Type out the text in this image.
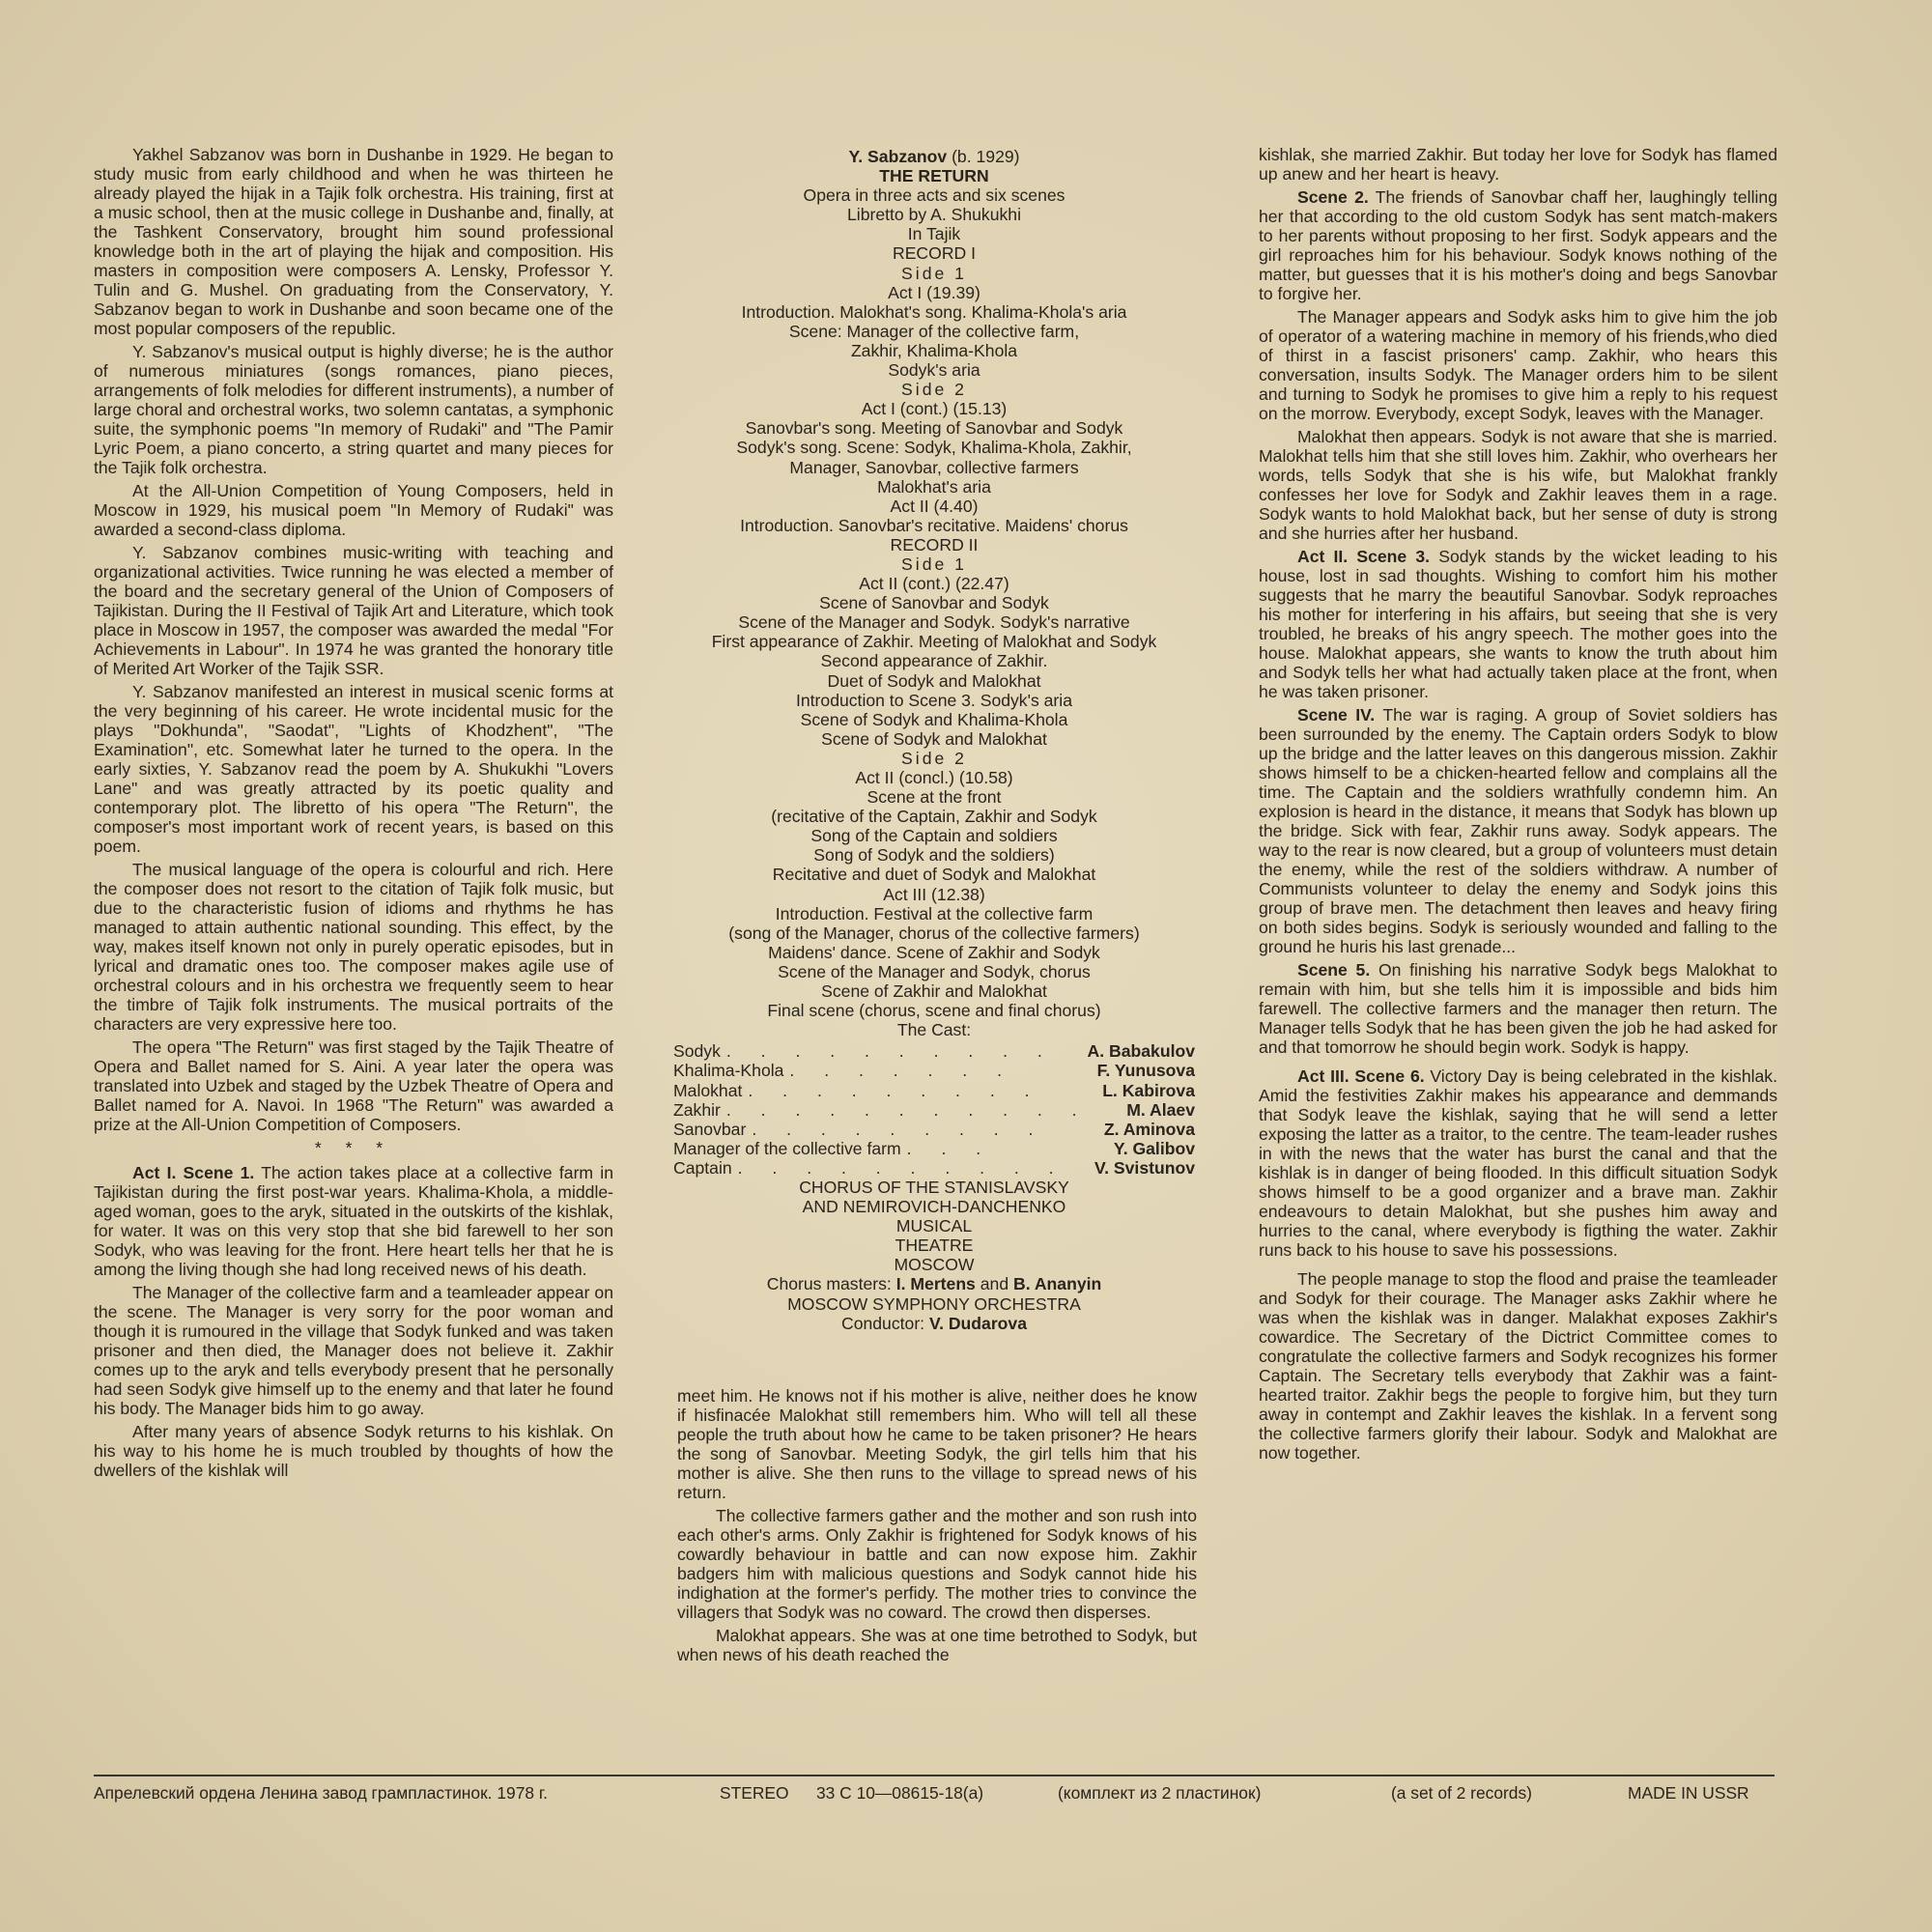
Yakhel Sabzanov was born in Dushanbe in 1929. He began to study music from early childhood and when he was thirteen he already played the hijak in a Tajik folk orchestra. His training, first at a music school, then at the music college in Dushanbe and, finally, at the Tashkent Conservatory, brought him sound professional knowledge both in the art of playing the hijak and composition. His masters in composition were composers A. Lensky, Professor Y. Tulin and G. Mushel. On graduating from the Conservatory, Y. Sabzanov began to work in Dushanbe and soon became one of the most popular composers of the republic.

Y. Sabzanov's musical output is highly diverse; he is the author of numerous miniatures (songs romances, piano pieces, arrangements of folk melodies for different instruments), a number of large choral and orchestral works, two solemn cantatas, a symphonic suite, the symphonic poems "In memory of Rudaki" and "The Pamir Lyric Poem, a piano concerto, a string quartet and many pieces for the Tajik folk orchestra.

At the All-Union Competition of Young Composers, held in Moscow in 1929, his musical poem "In Memory of Rudaki" was awarded a second-class diploma.

Y. Sabzanov combines music-writing with teaching and organizational activities. Twice running he was elected a member of the board and the secretary general of the Union of Composers of Tajikistan. During the II Festival of Tajik Art and Literature, which took place in Moscow in 1957, the composer was awarded the medal "For Achievements in Labour". In 1974 he was granted the honorary title of Merited Art Worker of the Tajik SSR.

Y. Sabzanov manifested an interest in musical scenic forms at the very beginning of his career. He wrote incidental music for the plays "Dokhunda", "Saodat", "Lights of Khodzhent", "The Examination", etc. Somewhat later he turned to the opera. In the early sixties, Y. Sabzanov read the poem by A. Shukukhi "Lovers Lane" and was greatly attracted by its poetic quality and contemporary plot. The libretto of his opera "The Return", the composer's most important work of recent years, is based on this poem.

The musical language of the opera is colourful and rich. Here the composer does not resort to the citation of Tajik folk music, but due to the characteristic fusion of idioms and rhythms he has managed to attain authentic national sounding. This effect, by the way, makes itself known not only in purely operatic episodes, but in lyrical and dramatic ones too. The composer makes agile use of orchestral colours and in his orchestra we frequently seem to hear the timbre of Tajik folk instruments. The musical portraits of the characters are very expressive here too.

The opera "The Return" was first staged by the Tajik Theatre of Opera and Ballet named for S. Aini. A year later the opera was translated into Uzbek and staged by the Uzbek Theatre of Opera and Ballet named for A. Navoi. In 1968 "The Return" was awarded a prize at the All-Union Competition of Composers.

* * *

Act I. Scene 1. The action takes place at a collective farm in Tajikistan during the first post-war years. Khalima-Khola, a middle-aged woman, goes to the aryk, situated in the outskirts of the kishlak, for water. It was on this very stop that she bid farewell to her son Sodyk, who was leaving for the front. Here heart tells her that he is among the living though she had long received news of his death.

The Manager of the collective farm and a teamleader appear on the scene. The Manager is very sorry for the poor woman and though it is rumoured in the village that Sodyk funked and was taken prisoner and then died, the Manager does not believe it. Zakhir comes up to the aryk and tells everybody present that he personally had seen Sodyk give himself up to the enemy and that later he found his body. The Manager bids him to go away.

After many years of absence Sodyk returns to his kishlak. On his way to his home he is much troubled by thoughts of how the dwellers of the kishlak will

Y. Sabzanov (b. 1929)
THE RETURN
Opera in three acts and six scenes
Libretto by A. Shukukhi
In Tajik
RECORD I
Side 1
Act I (19.39)
Introduction. Malokhat's song. Khalima-Khola's aria
Scene: Manager of the collective farm,
Zakhir, Khalima-Khola
Sodyk's aria
Side 2
Act I (cont.) (15.13)
Sanovbar's song. Meeting of Sanovbar and Sodyk
Sodyk's song. Scene: Sodyk, Khalima-Khola, Zakhir,
Manager, Sanovbar, collective farmers
Malokhat's aria
Act II (4.40)
Introduction. Sanovbar's recitative. Maidens' chorus
RECORD II
Side 1
Act II (cont.) (22.47)
Scene of Sanovbar and Sodyk
Scene of the Manager and Sodyk. Sodyk's narrative
First appearance of Zakhir. Meeting of Malokhat and Sodyk
Second appearance of Zakhir.
Duet of Sodyk and Malokhat
Introduction to Scene 3. Sodyk's aria
Scene of Sodyk and Khalima-Khola
Scene of Sodyk and Malokhat
Side 2
Act II (concl.) (10.58)
Scene at the front
(recitative of the Captain, Zakhir and Sodyk
Song of the Captain and soldiers
Song of Sodyk and the soldiers)
Recitative and duet of Sodyk and Malokhat
Act III (12.38)
Introduction. Festival at the collective farm
(song of the Manager, chorus of the collective farmers)
Maidens' dance. Scene of Zakhir and Sodyk
Scene of the Manager and Sodyk, chorus
Scene of Zakhir and Malokhat
Final scene (chorus, scene and final chorus)
The Cast:
Sodyk . . . . . . . . . .	A. Babakulov
Khalima-Khola . . . . . . .	F. Yunusova
Malokhat . . . . . . . . .	L. Kabirova
Zakhir . . . . . . . . . . .	M. Alaev
Sanovbar . . . . . . . . .	Z. Aminova
Manager of the collective farm . . .	Y. Galibov
Captain . . . . . . . . . .	V. Svistunov
CHORUS OF THE STANISLAVSKY
AND NEMIROVICH-DANCHENKO
MUSICAL
THEATRE
MOSCOW
Chorus masters: I. Mertens and B. Ananyin
MOSCOW SYMPHONY ORCHESTRA
Conductor: V. Dudarova

meet him. He knows not if his mother is alive, neither does he know if hisfinacée Malokhat still remembers him. Who will tell all these people the truth about how he came to be taken prisoner? He hears the song of Sanovbar. Meeting Sodyk, the girl tells him that his mother is alive. She then runs to the village to spread news of his return.

The collective farmers gather and the mother and son rush into each other's arms. Only Zakhir is frightened for Sodyk knows of his cowardly behaviour in battle and can now expose him. Zakhir badgers him with malicious questions and Sodyk cannot hide his indighation at the former's perfidy. The mother tries to convince the villagers that Sodyk was no coward. The crowd then disperses.

Malokhat appears. She was at one time betrothed to Sodyk, but when news of his death reached the

kishlak, she married Zakhir. But today her love for Sodyk has flamed up anew and her heart is heavy.

Scene 2. The friends of Sanovbar chaff her, laughingly telling her that according to the old custom Sodyk has sent match-makers to her parents without proposing to her first. Sodyk appears and the girl reproaches him for his behaviour. Sodyk knows nothing of the matter, but guesses that it is his mother's doing and begs Sanovbar to forgive her.

The Manager appears and Sodyk asks him to give him the job of operator of a watering machine in memory of his friends,who died of thirst in a fascist prisoners' camp. Zakhir, who hears this conversation, insults Sodyk. The Manager orders him to be silent and turning to Sodyk he promises to give him a reply to his request on the morrow. Everybody, except Sodyk, leaves with the Manager.

Malokhat then appears. Sodyk is not aware that she is married. Malokhat tells him that she still loves him. Zakhir, who overhears her words, tells Sodyk that she is his wife, but Malokhat frankly confesses her love for Sodyk and Zakhir leaves them in a rage. Sodyk wants to hold Malokhat back, but her sense of duty is strong and she hurries after her husband.

Act II. Scene 3. Sodyk stands by the wicket leading to his house, lost in sad thoughts. Wishing to comfort him his mother suggests that he marry the beautiful Sanovbar. Sodyk reproaches his mother for interfering in his affairs, but seeing that she is very troubled, he breaks of his angry speech. The mother goes into the house. Malokhat appears, she wants to know the truth about him and Sodyk tells her what had actually taken place at the front, when he was taken prisoner.

Scene IV. The war is raging. A group of Soviet soldiers has been surrounded by the enemy. The Captain orders Sodyk to blow up the bridge and the latter leaves on this dangerous mission. Zakhir shows himself to be a chicken-hearted fellow and complains all the time. The Captain and the soldiers wrathfully condemn him. An explosion is heard in the distance, it means that Sodyk has blown up the bridge. Sick with fear, Zakhir runs away. Sodyk appears. The way to the rear is now cleared, but a group of volunteers must detain the enemy, while the rest of the soldiers withdraw. A number of Communists volunteer to delay the enemy and Sodyk joins this group of brave men. The detachment then leaves and heavy firing on both sides begins. Sodyk is seriously wounded and falling to the ground he huris his last grenade...

Scene 5. On finishing his narrative Sodyk begs Malokhat to remain with him, but she tells him it is impossible and bids him farewell. The collective farmers and the manager then return. The Manager tells Sodyk that he has been given the job he had asked for and that tomorrow he should begin work. Sodyk is happy.

Act III. Scene 6. Victory Day is being celebrated in the kishlak. Amid the festivities Zakhir makes his appearance and demmands that Sodyk leave the kishlak, saying that he will send a letter exposing the latter as a traitor, to the centre. The team-leader rushes in with the news that the water has burst the canal and that the kishlak is in danger of being flooded. In this difficult situation Sodyk shows himself to be a good organizer and a brave man. Zakhir endeavours to detain Malokhat, but she pushes him away and hurries to the canal, where everybody is figthing the water. Zakhir runs back to his house to save his possessions.

The people manage to stop the flood and praise the teamleader and Sodyk for their courage. The Manager asks Zakhir where he was when the kishlak was in danger. Malakhat exposes Zakhir's cowardice. The Secretary of the Dictrict Committee comes to congratulate the collective farmers and Sodyk recognizes his former Captain. The Secretary tells everybody that Zakhir was a faint-hearted traitor. Zakhir begs the people to forgive him, but they turn away in contempt and Zakhir leaves the kishlak. In a fervent song the collective farmers glorify their labour. Sodyk and Malokhat are now together.

Апрелевский ордена Ленина завод грампластинок. 1978 г.	STEREO 33 С 10—08615-18(а)	(комплект из 2 пластинок)	(a set of 2 records)	MADE IN USSR
